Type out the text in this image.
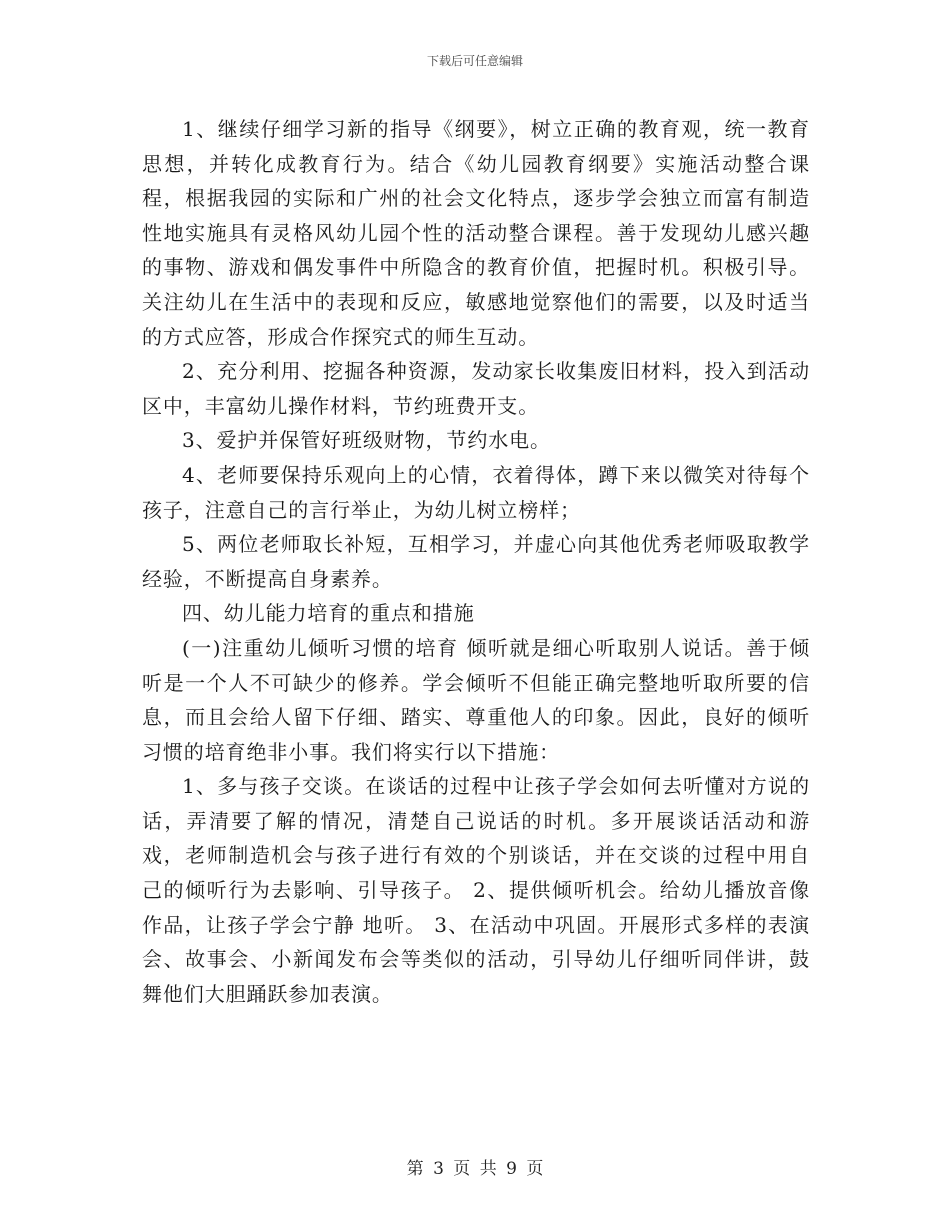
下载后可任意编辑

1、继续仔细学习新的指导《纲要》，树立正确的教育观，统一教育思想，并转化成教育行为。结合《幼儿园教育纲要》实施活动整合课程，根据我园的实际和广州的社会文化特点，逐步学会独立而富有制造性地实施具有灵格风幼儿园个性的活动整合课程。善于发现幼儿感兴趣的事物、游戏和偶发事件中所隐含的教育价值，把握时机。积极引导。关注幼儿在生活中的表现和反应，敏感地觉察他们的需要，以及时适当的方式应答，形成合作探究式的师生互动。

2、充分利用、挖掘各种资源，发动家长收集废旧材料，投入到活动区中，丰富幼儿操作材料，节约班费开支。

3、爱护并保管好班级财物，节约水电。

4、老师要保持乐观向上的心情，衣着得体，蹲下来以微笑对待每个孩子，注意自己的言行举止，为幼儿树立榜样；

5、两位老师取长补短，互相学习，并虚心向其他优秀老师吸取教学经验，不断提高自身素养。

四、幼儿能力培育的重点和措施

(一)注重幼儿倾听习惯的培育 倾听就是细心听取别人说话。善于倾听是一个人不可缺少的修养。学会倾听不但能正确完整地听取所要的信息，而且会给人留下仔细、踏实、尊重他人的印象。因此，良好的倾听习惯的培育绝非小事。我们将实行以下措施：

1、多与孩子交谈。在谈话的过程中让孩子学会如何去听懂对方说的话，弄清要了解的情况，清楚自己说话的时机。多开展谈话活动和游戏，老师制造机会与孩子进行有效的个别谈话，并在交谈的过程中用自己的倾听行为去影响、引导孩子。 2、提供倾听机会。给幼儿播放音像作品，让孩子学会宁静 地听。 3、在活动中巩固。开展形式多样的表演会、故事会、小新闻发布会等类似的活动，引导幼儿仔细听同伴讲，鼓舞他们大胆踊跃参加表演。

第 3 页 共 9 页
